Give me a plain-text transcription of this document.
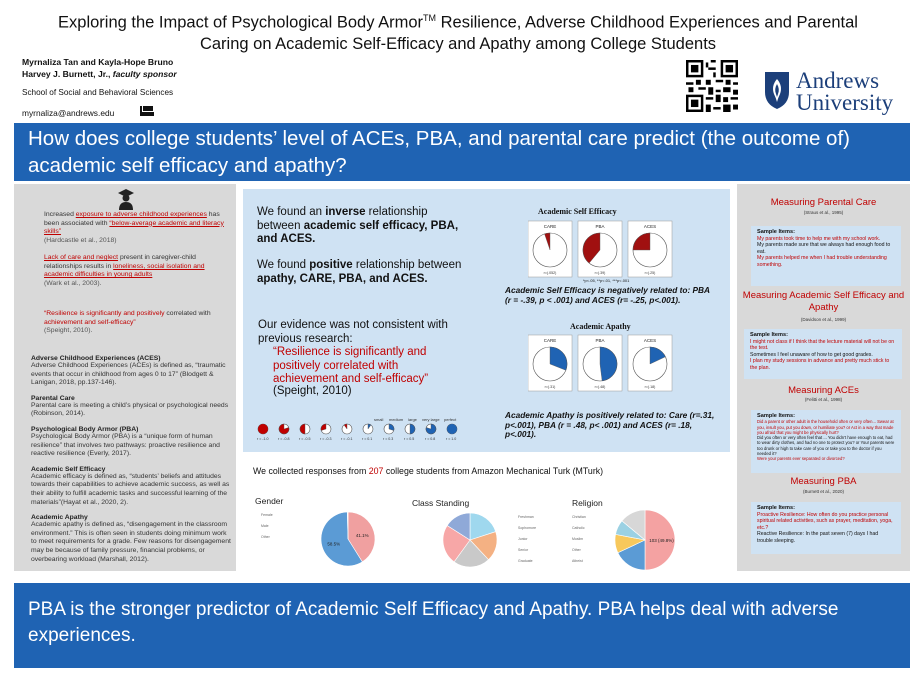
Exploring the Impact of Psychological Body Armor™ Resilience, Adverse Childhood Experiences and Parental
Caring on Academic Self-Efficacy and Apathy among College Students
Myrnaliza Tan and Kayla-Hope Bruno
Harvey J. Burnett, Jr., faculty sponsor
School of Social and Behavioral Sciences
myrnaliza@andrews.edu
Andrews
University
How does college students’ level of ACEs, PBA, and parental care predict (the outcome of) academic self efficacy and apathy?
Increased exposure to adverse childhood experiences has been associated with “below-average academic and literacy skills”
(Hardcastle et al., 2018)
Lack of care and neglect present in caregiver-child relationships results in loneliness, social isolation and academic difficulties in young adults
(Wark et al., 2003).
“Resilience is significantly and positively correlated with achievement and self-efficacy”
(Speight, 2010).
Adverse Childhood Experiences (ACES)
Adverse Childhood Experiences (ACEs) is defined as, “traumatic events that occur in childhood from ages 0 to 17” (Blodgett & Lanigan, 2018, pp.137-146).
Parental Care
Parental care is meeting a child’s physical or psychological needs (Robinson, 2014).
Psychological Body Armor (PBA)
Psychological Body Armor (PBA) is a “unique form of human resilience” that involves two pathways: proactive resilience and reactive resilience (Everly, 2017).
Academic Self Efficacy
Academic efficacy is defined as, “students’ beliefs and attitudes towards their capabilities to achieve academic success, as well as their ability to fulfill academic tasks and successful learning of the materials”(Hayat et al., 2020, 2).
Academic Apathy
Academic apathy is defined as, “disengagement in the classroom environment.” This is often seen in students doing minimum work to meet requirements for a grade. Few reasons for disengagement may be because of family pressure, financial problems, or overbearing workload (Marshall, 2012).
We found an inverse relationship between academic self efficacy, PBA, and ACES.
We found positive relationship between apathy, CARE, PBA, and ACES.
Our evidence was not consistent with previous research:
“Resilience is significantly and positively correlated with achievement and self-efficacy”
(Speight, 2010)
r = -1.0	r = -0.8	r = -0.5	r = -0.3	r = -0.1	r = 0.1	r = 0.3	r = 0.5	r = 0.8	r = 1.0
small medium large very large perfect
Academic Self Efficacy
CARE
r=(.052)
PBA
r=(.39)
ACES
r=(.25)
*p<.05, **p<.01, ***p<.001
Academic Self Efficacy is negatively related to: PBA (r = -.39, p < .001) and ACES (r= -.25, p<.001).
Academic Apathy
CARE
r=(.31)
PBA
r=(.48)
ACES
r=(.18)
Academic Apathy is positively related to: Care (r=.31, p<.001), PBA (r = .48, p< .001) and ACES (r= .18, p<.001).
We collected responses from 207 college students from Amazon Mechanical Turk (MTurk)
Gender
41.1%
58.5%
Female
Male
Other
Class Standing
Freshman
Sophomore
Junior
Senior
Graduate
Religion
103 (49.8%)
Christian
Catholic
Muslim
Other
Atheist
Measuring Parental Care
(Straus et al., 1995)
Sample Items:
My parents took time to help me with my school work.
My parents made sure that we always had enough food to eat.
My parents helped me when I had trouble understanding something.
Measuring Academic Self Efficacy and Apathy
(Davidson et al., 1999)
Sample Items:
I might not class if I think that the lecture material will not be on the test.
Sometimes I feel unaware of how to get good grades.
I plan my study sessions in advance and pretty much stick to the plan.
Measuring ACEs
(Felitti et al., 1998)
Sample Items:
Did a parent or other adult in the household often or very often... Swear at you, insult you, put you down, or humiliate you? or Act in a way that made you afraid that you might be physically hurt?
Did you often or very often feel that ... You didn’t have enough to eat, had to wear dirty clothes, and had no one to protect you? or Your parents were too drunk or high to take care of you or take you to the doctor if you needed it?
Were your parents ever separated or divorced?
Measuring PBA
(Burnett et al., 2020)
Sample Items:
Proactive Resilience: How often do you practice personal spiritual related activities, such as prayer, meditation, yoga, etc.?
Reactive Resilience: In the past seven (7) days I had trouble sleeping.
PBA is the stronger predictor of Academic Self Efficacy and Apathy. PBA helps deal with adverse experiences.
